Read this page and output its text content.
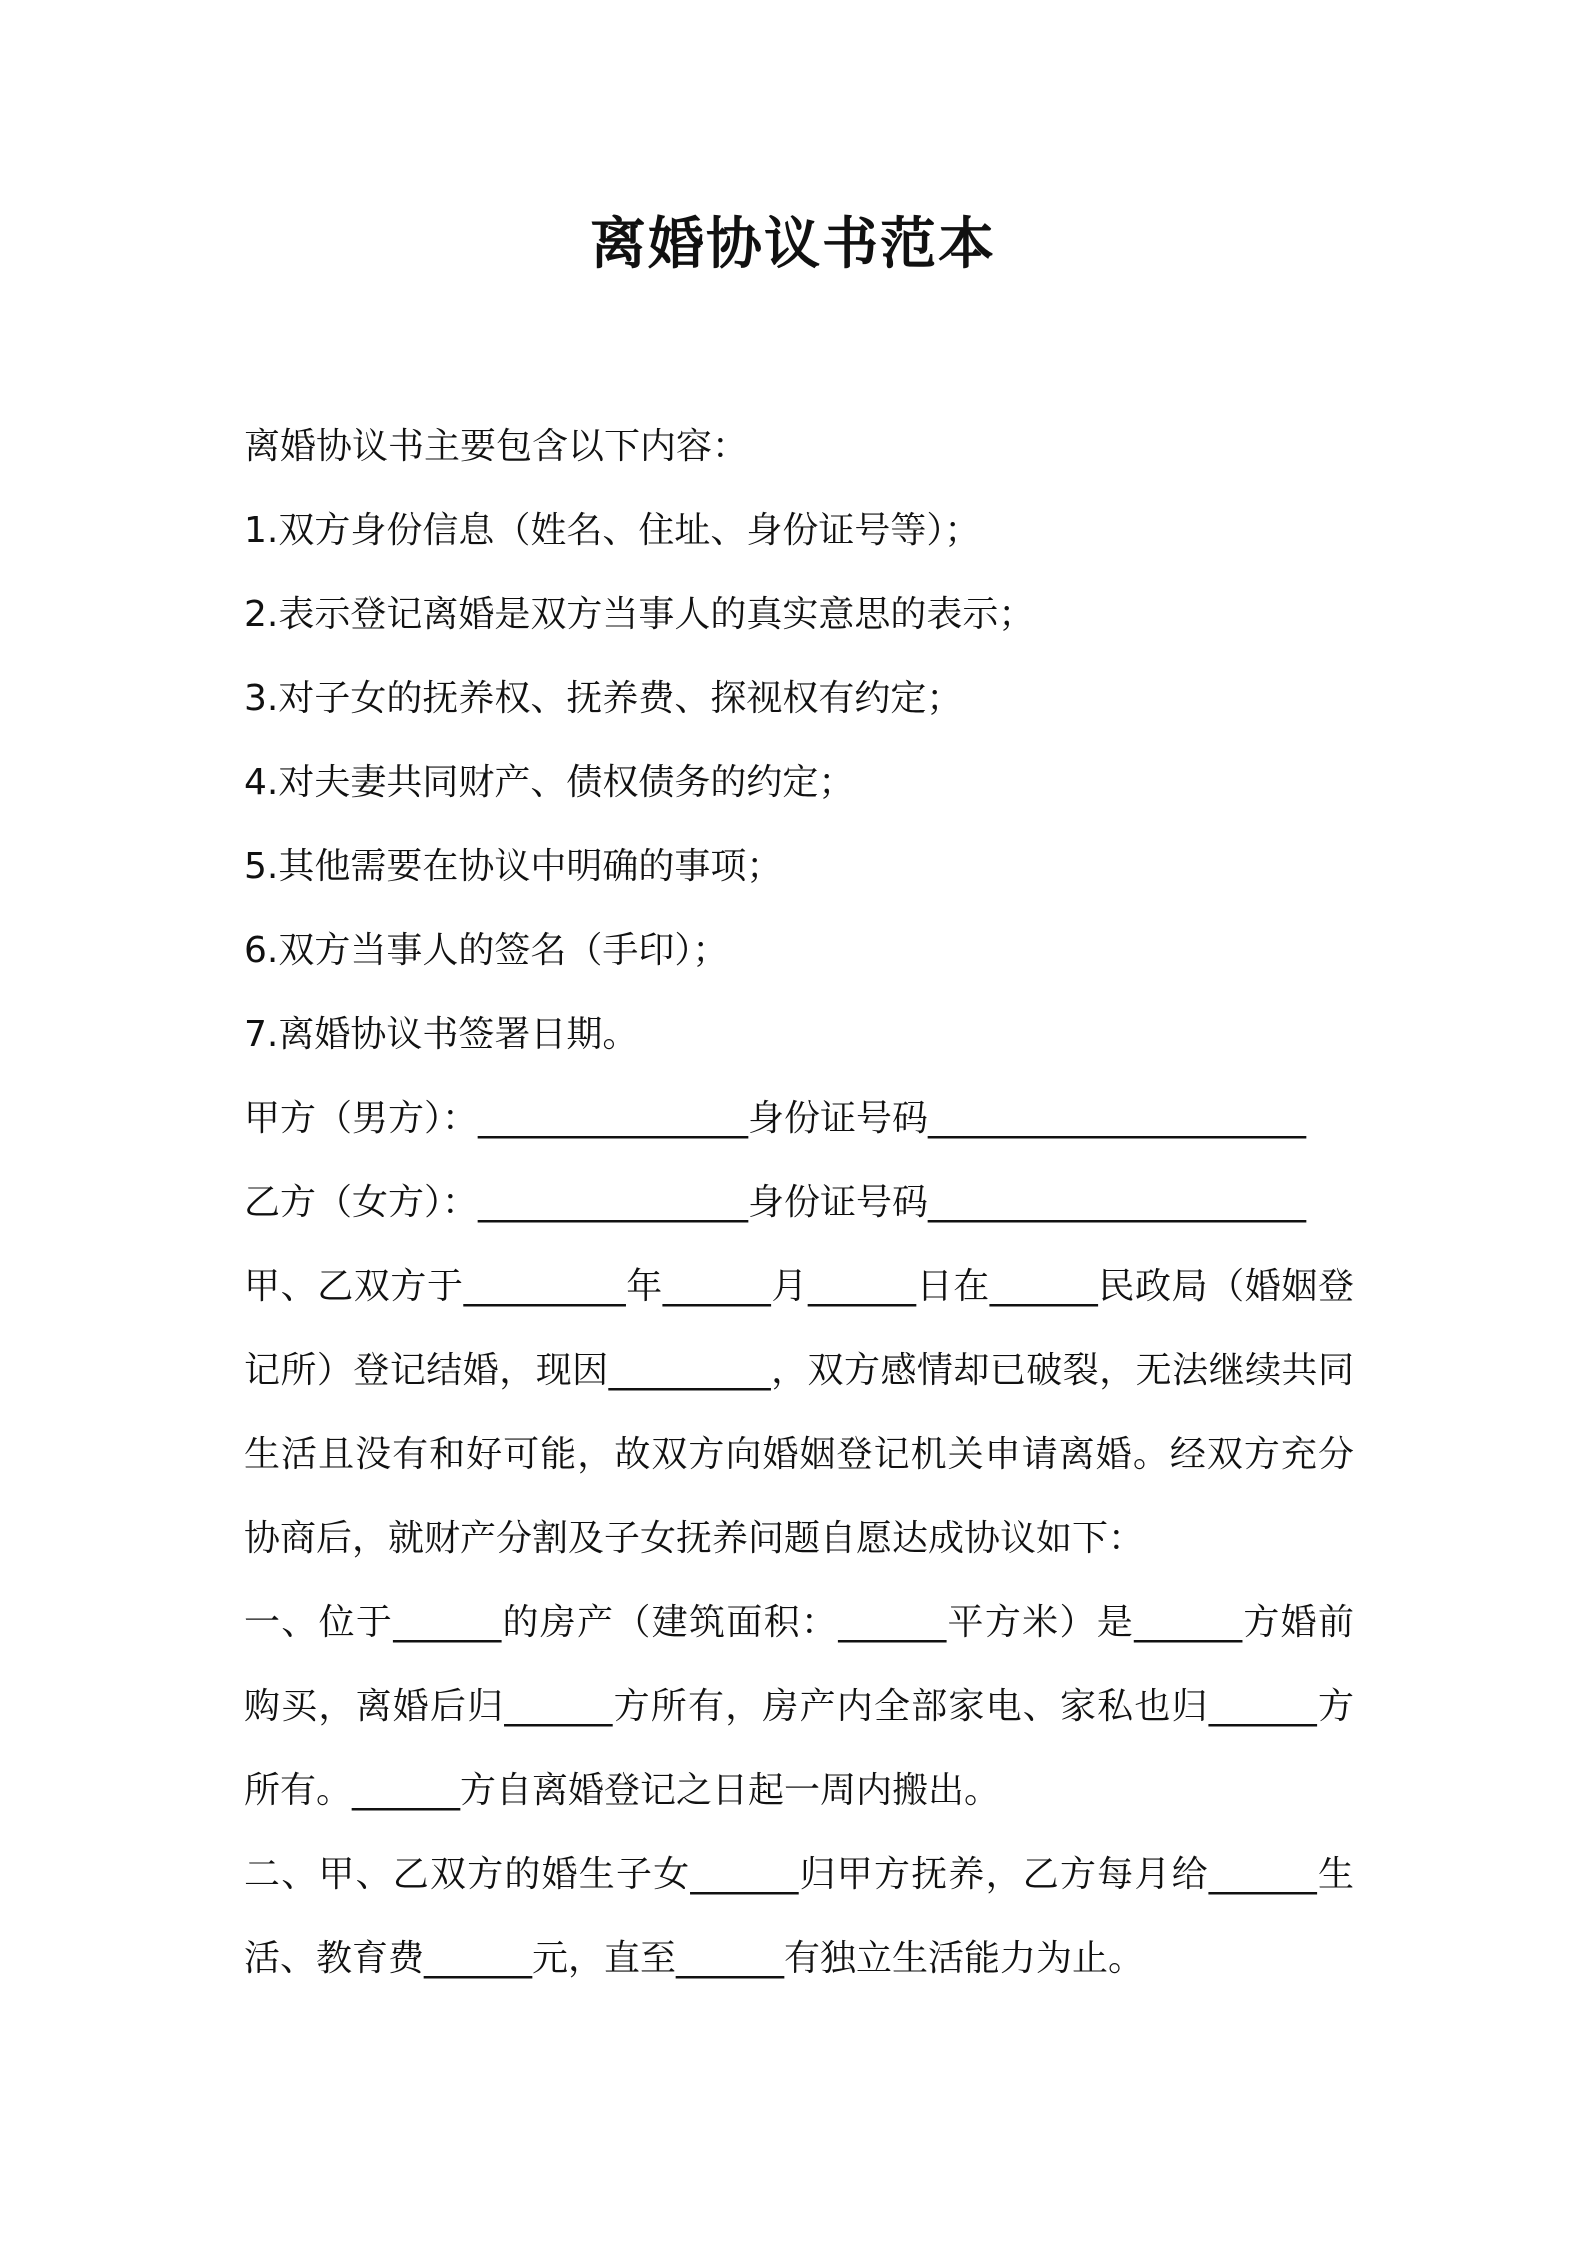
离婚协议书范本
离婚协议书主要包含以下内容：
1.双方身份信息（姓名、住址、身份证号等）；
2.表示登记离婚是双方当事人的真实意思的表示；
3.对子女的抚养权、抚养费、探视权有约定；
4.对夫妻共同财产、债权债务的约定；
5.其他需要在协议中明确的事项；
6.双方当事人的签名（手印）；
7.离婚协议书签署日期。
甲方（男方）：_______________身份证号码_____________________
乙方（女方）：_______________身份证号码_____________________
甲、乙双方于_________年______月______日在______民政局（婚姻登记所）登记结婚，现因_________，双方感情却已破裂，无法继续共同生活且没有和好可能，故双方向婚姻登记机关申请离婚。经双方充分协商后，就财产分割及子女抚养问题自愿达成协议如下：
一、位于______的房产（建筑面积：______平方米）是______方婚前购买，离婚后归______方所有，房产内全部家电、家私也归______方所有。______方自离婚登记之日起一周内搬出。
二、甲、乙双方的婚生子女______归甲方抚养，乙方每月给______生活、教育费______元，直至______有独立生活能力为止。
